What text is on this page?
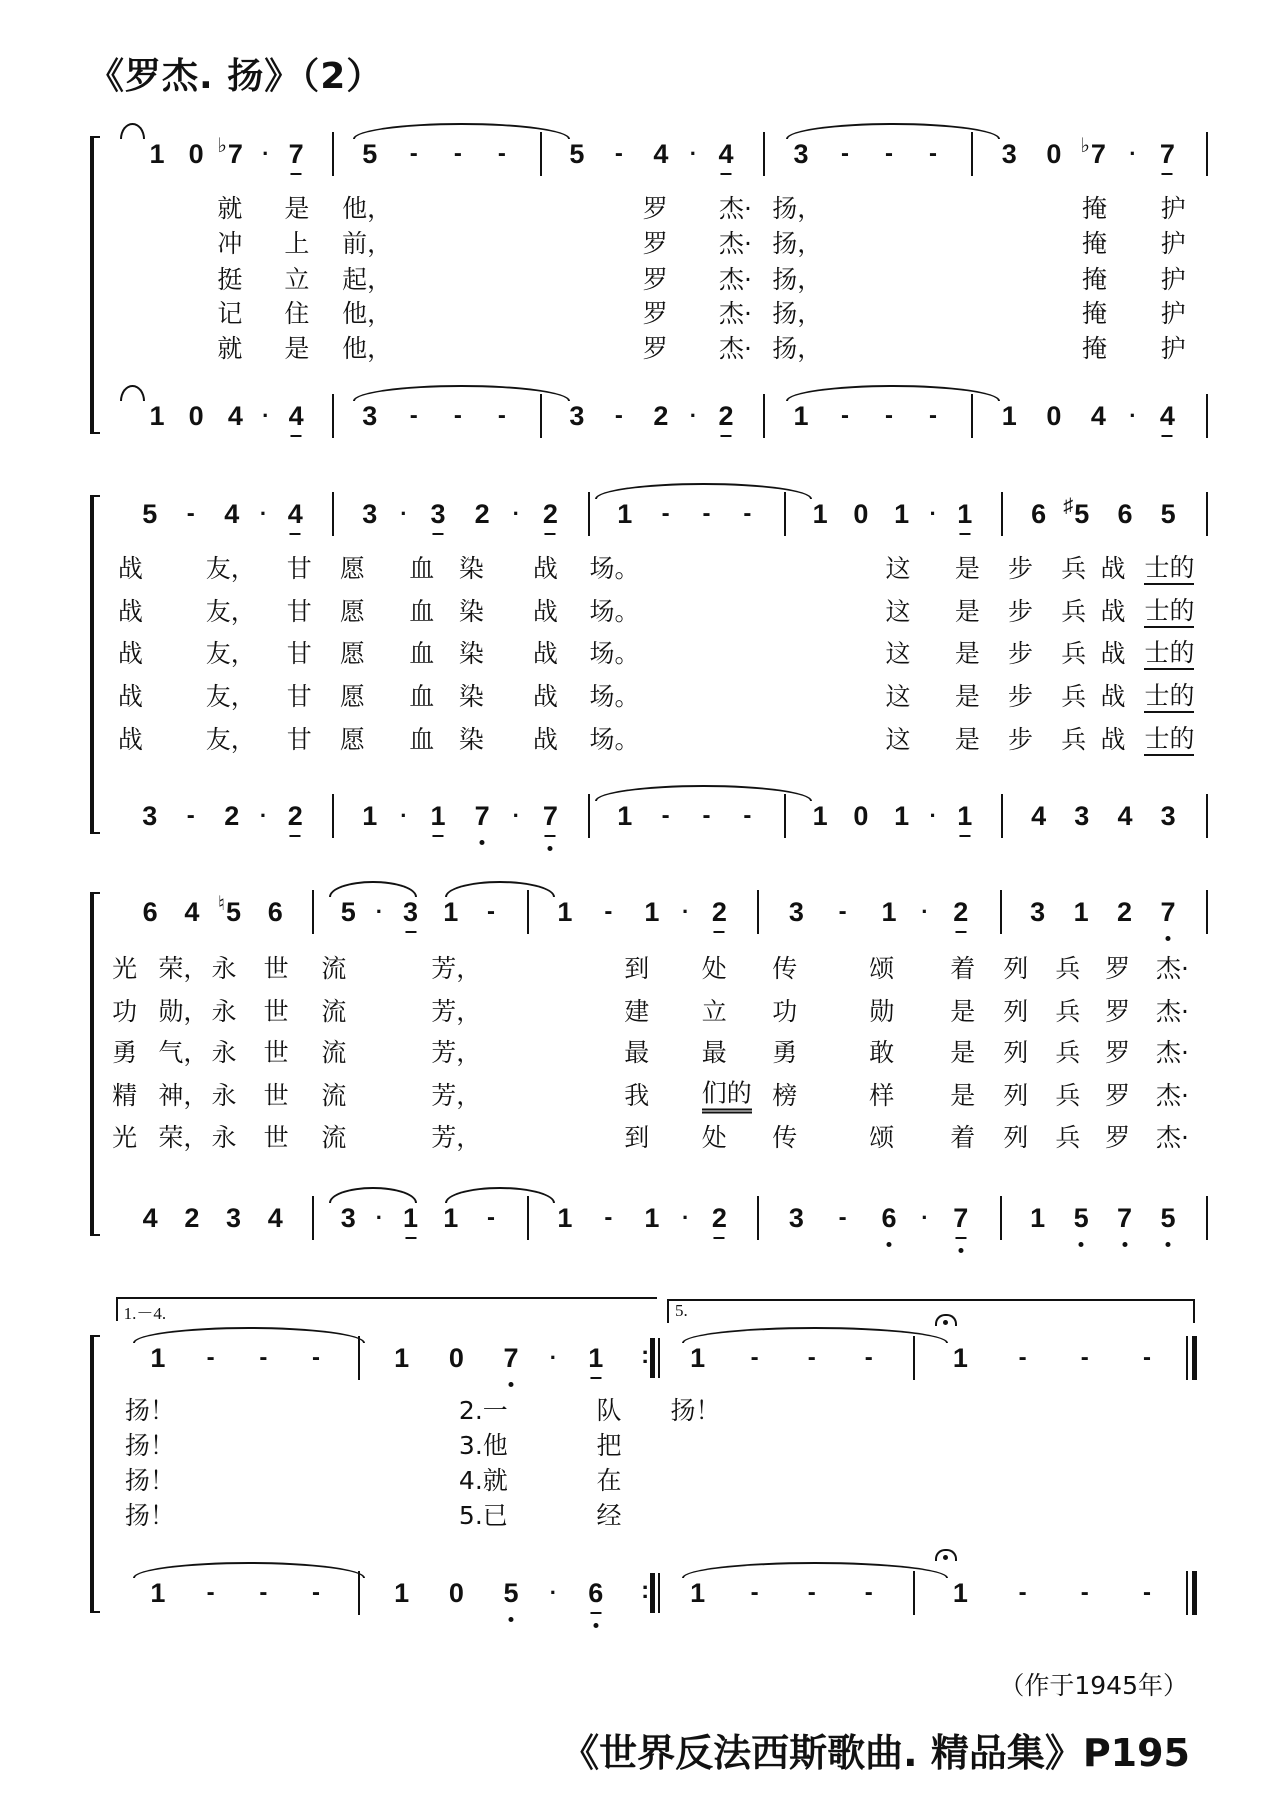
《罗杰. 扬》（2）
1 0 ♭ 7 · 7 5 - - - 5 - 4 · 4 3 - - - 3 0 ♭ 7 · 7
1 0 4 · 4 3 - - - 3 - 2 · 2 1 - - - 1 0 4 · 4
就 是 他，	罗 杰· 扬，	掩 护
冲 上 前，	罗 杰· 扬，	掩 护
挺 立 起，	罗 杰· 扬，	掩 护
记 住 他，	罗 杰· 扬，	掩 护
就 是 他，	罗 杰· 扬，	掩 护
5 - 4 · 4 3 · 3 2 · 2 1 - - - 1 0 1 · 1 6 ♯ 5 6 5
3 - 2 · 2 1 · 1 7 · 7 1 - - - 1 0 1 · 1 4 3 4 3
战	友， 甘 愿 血 染 战 场。	这 是 步 兵 战 士的
战	友， 甘 愿 血 染 战 场。	这 是 步 兵 战 士的
战	友， 甘 愿 血 染 战 场。	这 是 步 兵 战 士的
战	友， 甘 愿 血 染 战 场。	这 是 步 兵 战 士的
战	友， 甘 愿 血 染 战 场。	这 是 步 兵 战 士的
6 4 ♮ 5 6 5 · 3 1 - 1 - 1 · 2 3 - 1 · 2 3 1 2 7
4 2 3 4 3 · 1 1 - 1 - 1 · 2 3 - 6 · 7 1 5 7 5
光 荣， 永 世 流	芳，	到 处 传	颂 着 列 兵 罗 杰·
功 勋， 永 世 流	芳，	建 立 功	勋 是 列 兵 罗 杰·
勇 气， 永 世 流	芳，	最 最 勇	敢 是 列 兵 罗 杰·
精 神， 永 世 流	芳，	我 们的 榜	样 是 列 兵 罗 杰·
光 荣， 永 世 流	芳，	到 处 传	颂 着 列 兵 罗 杰·
1 - - -	1 0 7 · 1 : 1 - - -	1 - - -
1 - - -	1 0 5 · 6 : 1 - - -	1 - - -
1.－4.	5.
扬！	2.一	队 扬！
扬！	3.他	把
扬！	4.就	在
扬！	5.已	经
（作于1945年）
《世界反法西斯歌曲. 精品集》P195
